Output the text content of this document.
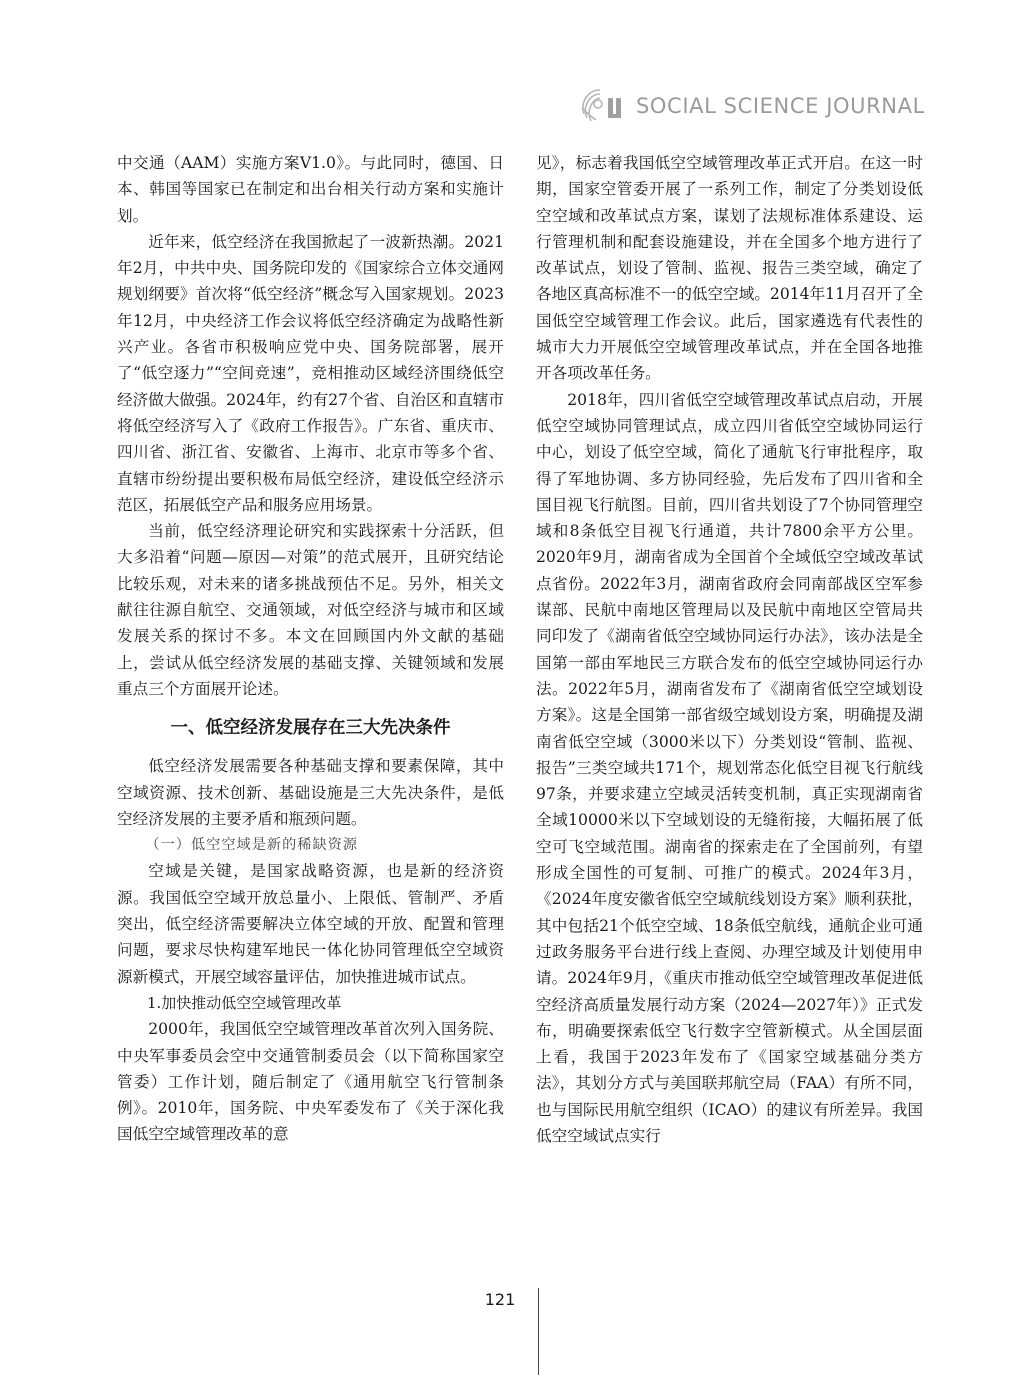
SOCIAL SCIENCE JOURNAL

中交通（AAM）实施方案V1.0》。与此同时，德国、日本、韩国等国家已在制定和出台相关行动方案和实施计划。

近年来，低空经济在我国掀起了一波新热潮。2021年2月，中共中央、国务院印发的《国家综合立体交通网规划纲要》首次将“低空经济”概念写入国家规划。2023年12月，中央经济工作会议将低空经济确定为战略性新兴产业。各省市积极响应党中央、国务院部署，展开了“低空逐力”“空间竞速”，竞相推动区域经济围绕低空经济做大做强。2024年，约有27个省、自治区和直辖市将低空经济写入了《政府工作报告》。广东省、重庆市、四川省、浙江省、安徽省、上海市、北京市等多个省、直辖市纷纷提出要积极布局低空经济，建设低空经济示范区，拓展低空产品和服务应用场景。

当前，低空经济理论研究和实践探索十分活跃，但大多沿着“问题—原因—对策”的范式展开，且研究结论比较乐观，对未来的诸多挑战预估不足。另外，相关文献往往源自航空、交通领域，对低空经济与城市和区域发展关系的探讨不多。本文在回顾国内外文献的基础上，尝试从低空经济发展的基础支撑、关键领域和发展重点三个方面展开论述。

一、低空经济发展存在三大先决条件

低空经济发展需要各种基础支撑和要素保障，其中空域资源、技术创新、基础设施是三大先决条件，是低空经济发展的主要矛盾和瓶颈问题。

（一）低空空域是新的稀缺资源

空域是关键，是国家战略资源，也是新的经济资源。我国低空空域开放总量小、上限低、管制严、矛盾突出，低空经济需要解决立体空域的开放、配置和管理问题，要求尽快构建军地民一体化协同管理低空空域资源新模式，开展空域容量评估，加快推进城市试点。

1.加快推动低空空域管理改革

2000年，我国低空空域管理改革首次列入国务院、中央军事委员会空中交通管制委员会（以下简称国家空管委）工作计划，随后制定了《通用航空飞行管制条例》。2010年，国务院、中央军委发布了《关于深化我国低空空域管理改革的意

见》，标志着我国低空空域管理改革正式开启。在这一时期，国家空管委开展了一系列工作，制定了分类划设低空空域和改革试点方案，谋划了法规标准体系建设、运行管理机制和配套设施建设，并在全国多个地方进行了改革试点，划设了管制、监视、报告三类空域，确定了各地区真高标准不一的低空空域。2014年11月召开了全国低空空域管理工作会议。此后，国家遴选有代表性的城市大力开展低空空域管理改革试点，并在全国各地推开各项改革任务。

2018年，四川省低空空域管理改革试点启动，开展低空空域协同管理试点，成立四川省低空空域协同运行中心，划设了低空空域，简化了通航飞行审批程序，取得了军地协调、多方协同经验，先后发布了四川省和全国目视飞行航图。目前，四川省共划设了7个协同管理空域和8条低空目视飞行通道，共计7800余平方公里。2020年9月，湖南省成为全国首个全域低空空域改革试点省份。2022年3月，湖南省政府会同南部战区空军参谋部、民航中南地区管理局以及民航中南地区空管局共同印发了《湖南省低空空域协同运行办法》，该办法是全国第一部由军地民三方联合发布的低空空域协同运行办法。2022年5月，湖南省发布了《湖南省低空空域划设方案》。这是全国第一部省级空域划设方案，明确提及湖南省低空空域（3000米以下）分类划设“管制、监视、报告”三类空域共171个，规划常态化低空目视飞行航线97条，并要求建立空域灵活转变机制，真正实现湖南省全域10000米以下空域划设的无缝衔接，大幅拓展了低空可飞空域范围。湖南省的探索走在了全国前列，有望形成全国性的可复制、可推广的模式。2024年3月，《2024年度安徽省低空空域航线划设方案》顺利获批，其中包括21个低空空域、18条低空航线，通航企业可通过政务服务平台进行线上查阅、办理空域及计划使用申请。2024年9月，《重庆市推动低空空域管理改革促进低空经济高质量发展行动方案（2024—2027年）》正式发布，明确要探索低空飞行数字空管新模式。从全国层面上看，我国于2023年发布了《国家空域基础分类方法》，其划分方式与美国联邦航空局（FAA）有所不同，也与国际民用航空组织（ICAO）的建议有所差异。我国低空空域试点实行

121
